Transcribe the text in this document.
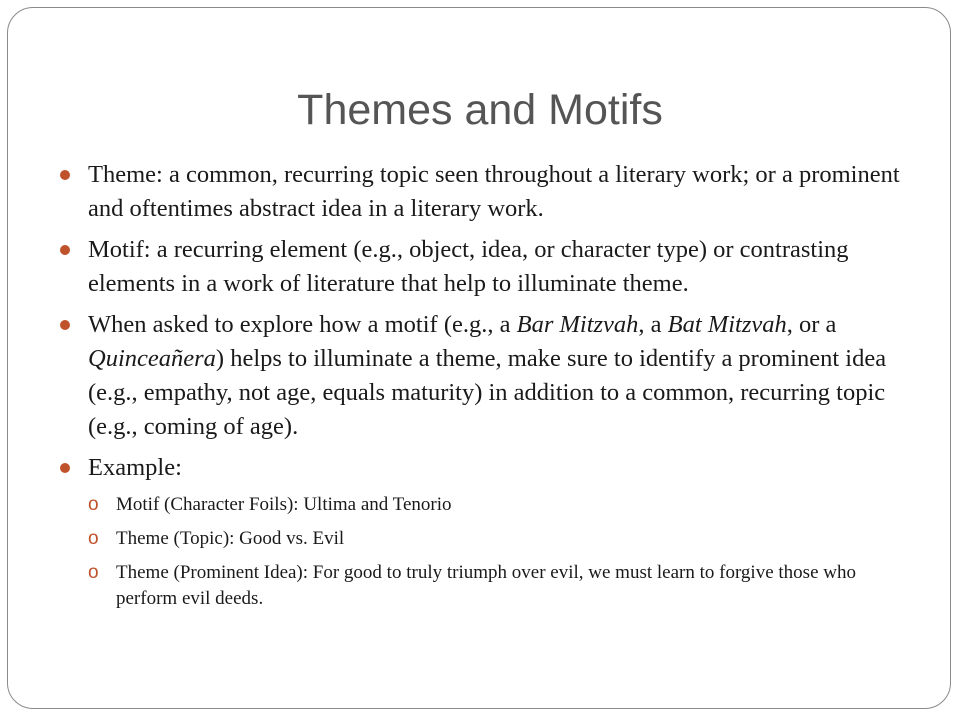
Themes and Motifs
Theme: a common, recurring topic seen throughout a literary work; or a prominent and oftentimes abstract idea in a literary work.
Motif: a recurring element (e.g., object, idea, or character type) or contrasting elements in a work of literature that help to illuminate theme.
When asked to explore how a motif (e.g., a Bar Mitzvah, a Bat Mitzvah, or a Quinceañera) helps to illuminate a theme, make sure to identify a prominent idea (e.g., empathy, not age, equals maturity) in addition to a common, recurring topic (e.g., coming of age).
Example:
o Motif (Character Foils): Ultima and Tenorio
o Theme (Topic): Good vs. Evil
o Theme (Prominent Idea): For good to truly triumph over evil, we must learn to forgive those who perform evil deeds.
